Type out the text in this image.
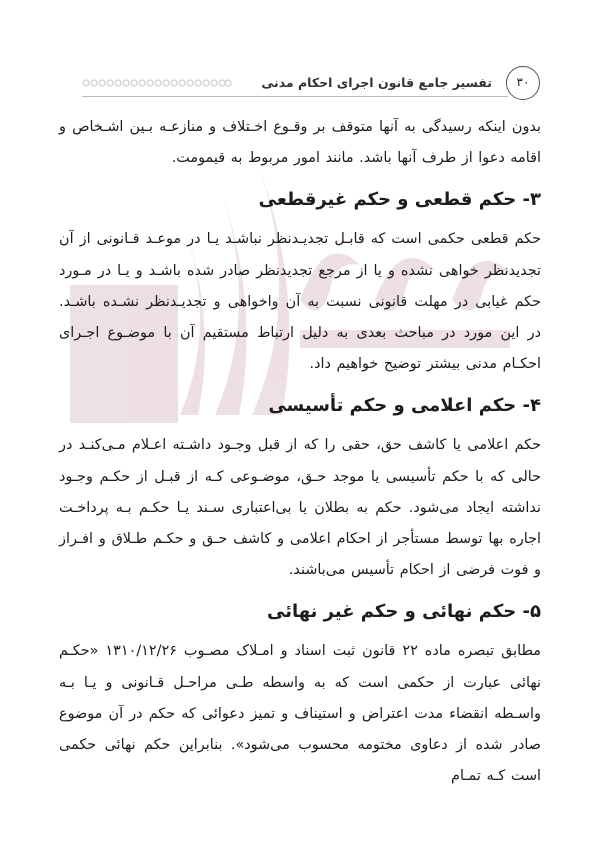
تفسیر جامع قانون اجرای احکام مدنی	۳۰

بدون اینکه رسیدگی به آنها متوقف بر وقـوع اخـتلاف و منازعـه بـین اشـخاص و اقامه دعوا از طرف آنها باشد. مانند امور مربوط به قیمومت.

۳- حکم قطعی و حکم غیرقطعی

حکم قطعی حکمی است که قابـل تجدیـدنظر نباشـد یـا در موعـد قـانونی از آن تجدیدنظر خواهی نشده و یا از مرجع تجدیدنظر صادر شده باشـد و یـا در مـورد حکم غیابی در مهلت قانونی نسبت به آن واخواهی و تجدیـدنظر نشـده باشـد. در این مورد در مباحث بعدی به دلیل ارتباط مستقیم آن با موضـوع اجـرای احکـام مدنی بیشتر توضیح خواهیم داد.

۴- حکم اعلامی و حکم تأسیسی

حکم اعلامی یا کاشف حق، حقی را که از قبل وجـود داشـته اعـلام مـی‌کنـد در حالی که با حکم تأسیسی یا موجد حـق، موضـوعی کـه از قبـل از حکـم وجـود نداشته ایجاد می‌شود. حکم به بطلان یا بی‌اعتباری سـند یـا حکـم بـه پرداخـت اجاره بها توسط مستأجر از احکام اعلامی و کاشف حـق و حکـم طـلاق و افـراز و فوت فرضی از احکام تأسیس می‌باشند.

۵- حکم نهائی و حکم غیر نهائی

مطابق تبصره ماده ۲۲ قانون ثبت اسناد و امـلاک مصـوب ۱۳۱۰/۱۲/۲۶ «حکـم نهائی عبارت از حکمی است که به واسطه طـی مراحـل قـانونی و یـا بـه واسـطه انقضاء مدت اعتراض و استیناف و تمیز دعوائی که حکم در آن موضوع صادر شده از دعاوی مختومه محسوب می‌شود». بنابراین حکم نهائی حکمی است کـه تمـام
